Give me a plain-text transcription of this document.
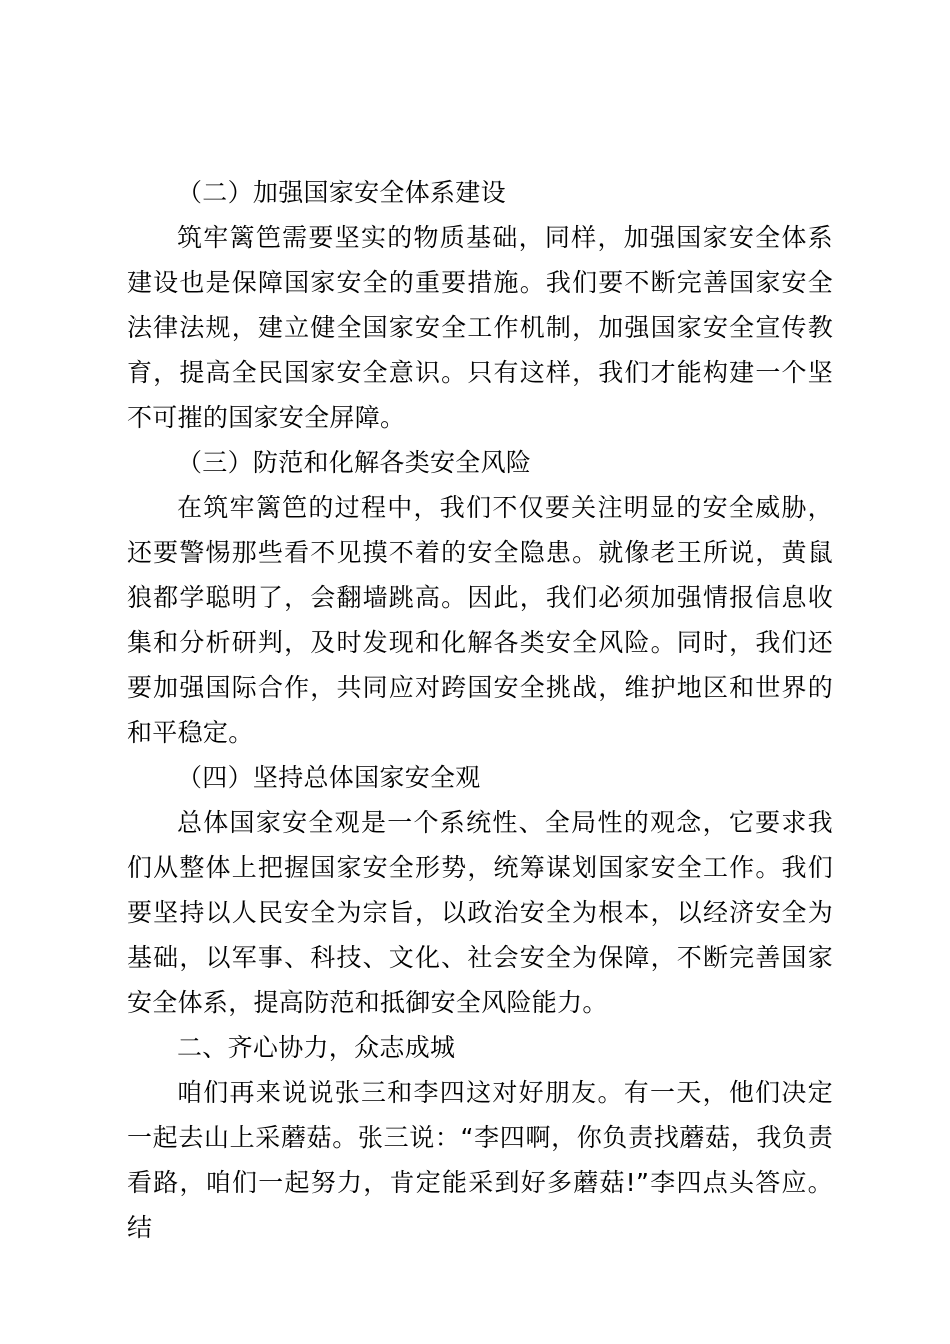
（二）加强国家安全体系建设

筑牢篱笆需要坚实的物质基础，同样，加强国家安全体系建设也是保障国家安全的重要措施。我们要不断完善国家安全法律法规，建立健全国家安全工作机制，加强国家安全宣传教育，提高全民国家安全意识。只有这样，我们才能构建一个坚不可摧的国家安全屏障。

（三）防范和化解各类安全风险

在筑牢篱笆的过程中，我们不仅要关注明显的安全威胁，还要警惕那些看不见摸不着的安全隐患。就像老王所说，黄鼠狼都学聪明了，会翻墙跳高。因此，我们必须加强情报信息收集和分析研判，及时发现和化解各类安全风险。同时，我们还要加强国际合作，共同应对跨国安全挑战，维护地区和世界的和平稳定。

（四）坚持总体国家安全观

总体国家安全观是一个系统性、全局性的观念，它要求我们从整体上把握国家安全形势，统筹谋划国家安全工作。我们要坚持以人民安全为宗旨，以政治安全为根本，以经济安全为基础，以军事、科技、文化、社会安全为保障，不断完善国家安全体系，提高防范和抵御安全风险能力。

二、齐心协力，众志成城

咱们再来说说张三和李四这对好朋友。有一天，他们决定一起去山上采蘑菇。张三说：“李四啊，你负责找蘑菇，我负责看路，咱们一起努力，肯定能采到好多蘑菇!”李四点头答应。结
